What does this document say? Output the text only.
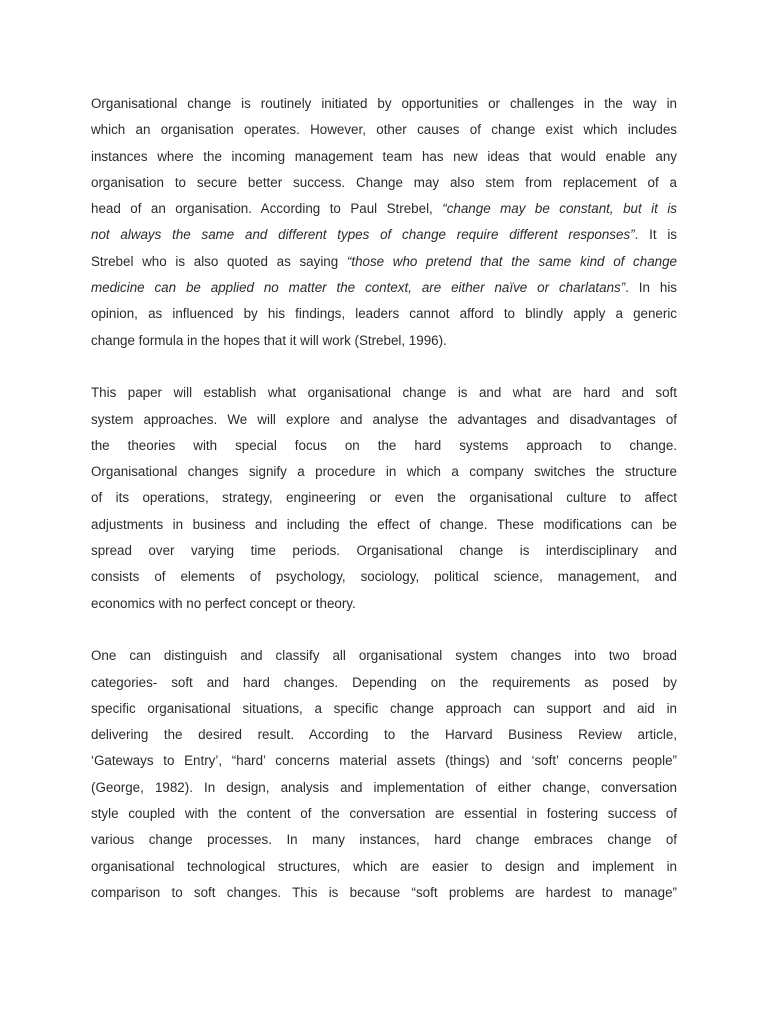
Organisational change is routinely initiated by opportunities or challenges in the way in
which an organisation operates. However, other causes of change exist which includes
instances where the incoming management team has new ideas that would enable any
organisation to secure better success. Change may also stem from replacement of a
head of an organisation. According to Paul Strebel, “change may be constant, but it is
not always the same and different types of change require different responses”. It is
Strebel who is also quoted as saying “those who pretend that the same kind of change
medicine can be applied no matter the context, are either naïve or charlatans”. In his
opinion, as influenced by his findings, leaders cannot afford to blindly apply a generic
change formula in the hopes that it will work (Strebel, 1996).
This paper will establish what organisational change is and what are hard and soft
system approaches. We will explore and analyse the advantages and disadvantages of
the theories with special focus on the hard systems approach to change.
Organisational changes signify a procedure in which a company switches the structure
of its operations, strategy, engineering or even the organisational culture to affect
adjustments in business and including the effect of change. These modifications can be
spread over varying time periods. Organisational change is interdisciplinary and
consists of elements of psychology, sociology, political science, management, and
economics with no perfect concept or theory.
One can distinguish and classify all organisational system changes into two broad
categories- soft and hard changes. Depending on the requirements as posed by
specific organisational situations, a specific change approach can support and aid in
delivering the desired result. According to the Harvard Business Review article,
‘Gateways to Entry’, “hard’ concerns material assets (things) and ‘soft’ concerns people”
(George, 1982). In design, analysis and implementation of either change, conversation
style coupled with the content of the conversation are essential in fostering success of
various change processes. In many instances, hard change embraces change of
organisational technological structures, which are easier to design and implement in
comparison to soft changes. This is because “soft problems are hardest to manage”
